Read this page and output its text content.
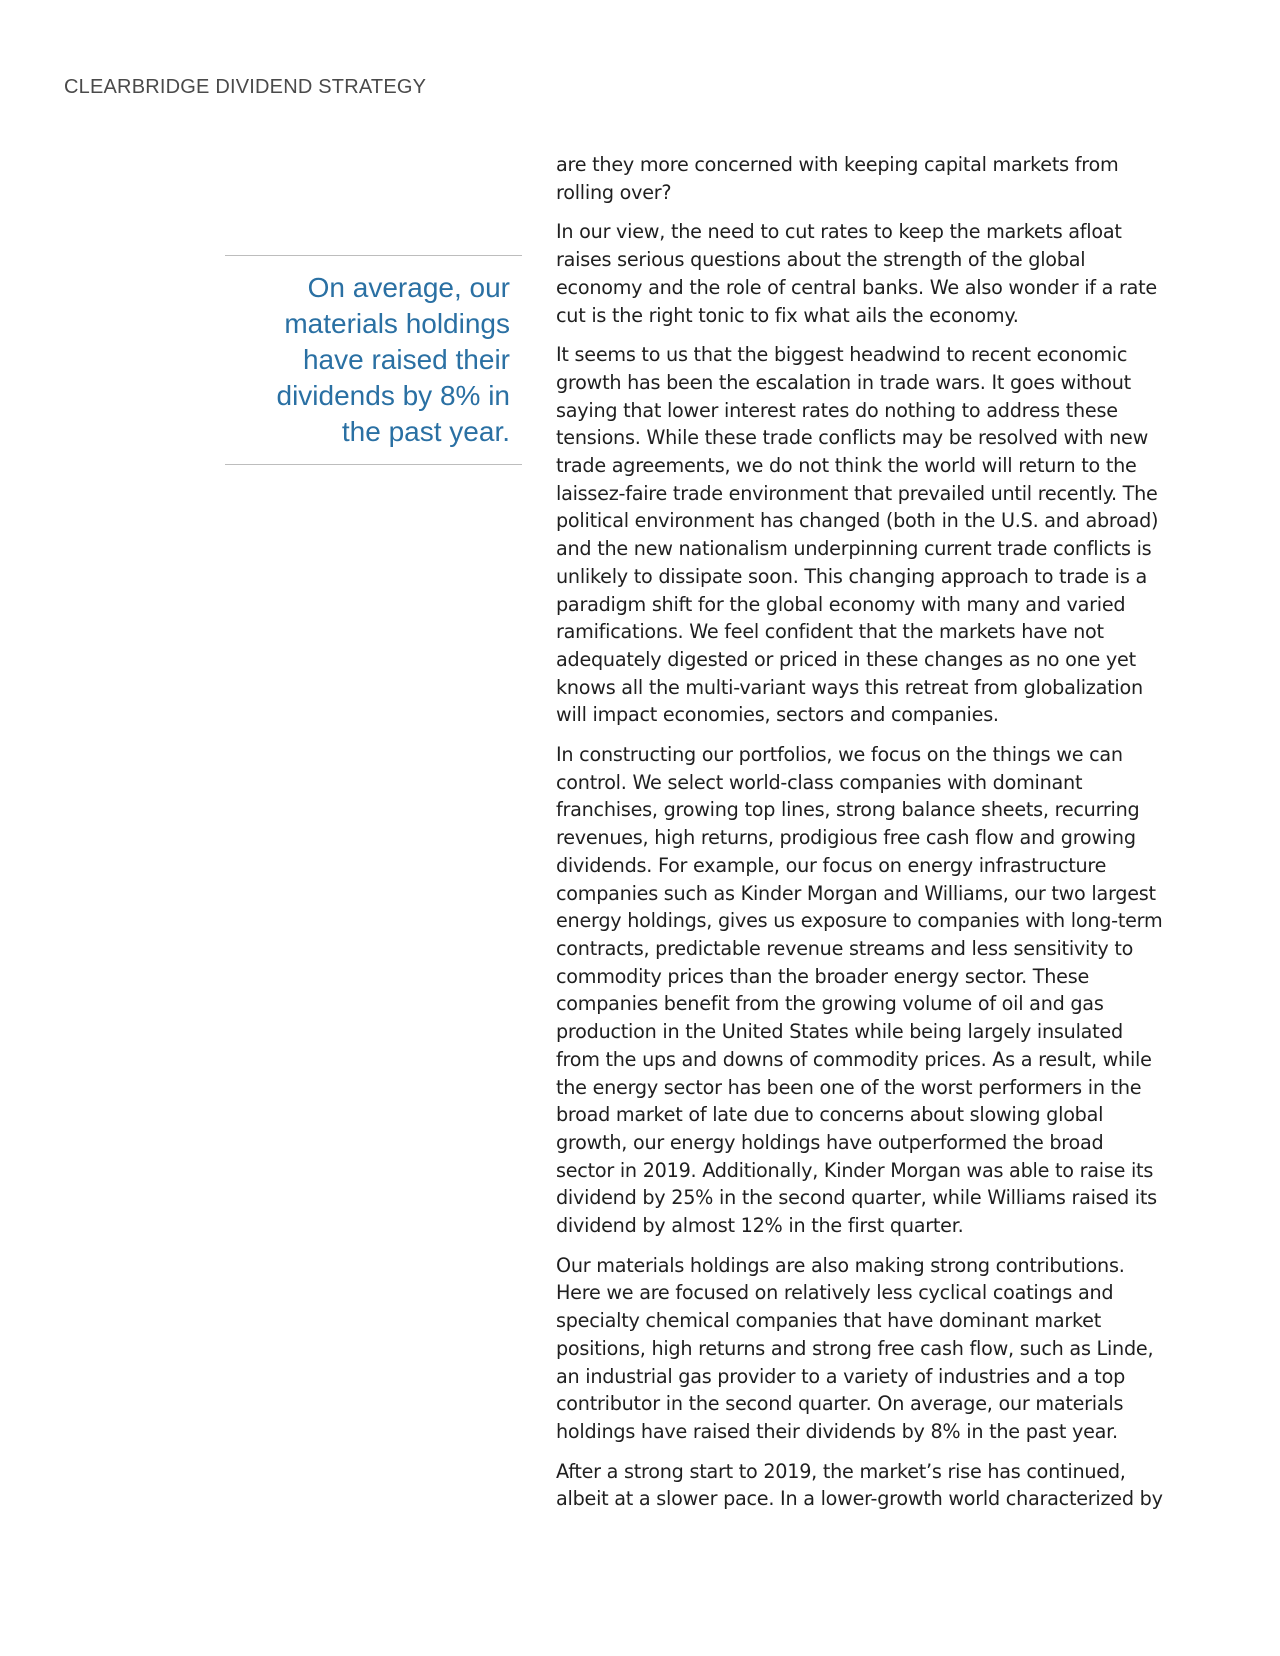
CLEARBRIDGE DIVIDEND STRATEGY

On average, our materials holdings have raised their dividends by 8% in the past year.

are they more concerned with keeping capital markets from rolling over?

In our view, the need to cut rates to keep the markets afloat raises serious questions about the strength of the global economy and the role of central banks. We also wonder if a rate cut is the right tonic to fix what ails the economy.

It seems to us that the biggest headwind to recent economic growth has been the escalation in trade wars. It goes without saying that lower interest rates do nothing to address these tensions. While these trade conflicts may be resolved with new trade agreements, we do not think the world will return to the laissez-faire trade environment that prevailed until recently. The political environment has changed (both in the U.S. and abroad) and the new nationalism underpinning current trade conflicts is unlikely to dissipate soon. This changing approach to trade is a paradigm shift for the global economy with many and varied ramifications. We feel confident that the markets have not adequately digested or priced in these changes as no one yet knows all the multi-variant ways this retreat from globalization will impact economies, sectors and companies.

In constructing our portfolios, we focus on the things we can control. We select world-class companies with dominant franchises, growing top lines, strong balance sheets, recurring revenues, high returns, prodigious free cash flow and growing dividends. For example, our focus on energy infrastructure companies such as Kinder Morgan and Williams, our two largest energy holdings, gives us exposure to companies with long-term contracts, predictable revenue streams and less sensitivity to commodity prices than the broader energy sector. These companies benefit from the growing volume of oil and gas production in the United States while being largely insulated from the ups and downs of commodity prices. As a result, while the energy sector has been one of the worst performers in the broad market of late due to concerns about slowing global growth, our energy holdings have outperformed the broad sector in 2019. Additionally, Kinder Morgan was able to raise its dividend by 25% in the second quarter, while Williams raised its dividend by almost 12% in the first quarter.

Our materials holdings are also making strong contributions. Here we are focused on relatively less cyclical coatings and specialty chemical companies that have dominant market positions, high returns and strong free cash flow, such as Linde, an industrial gas provider to a variety of industries and a top contributor in the second quarter. On average, our materials holdings have raised their dividends by 8% in the past year.

After a strong start to 2019, the market’s rise has continued, albeit at a slower pace. In a lower-growth world characterized by
